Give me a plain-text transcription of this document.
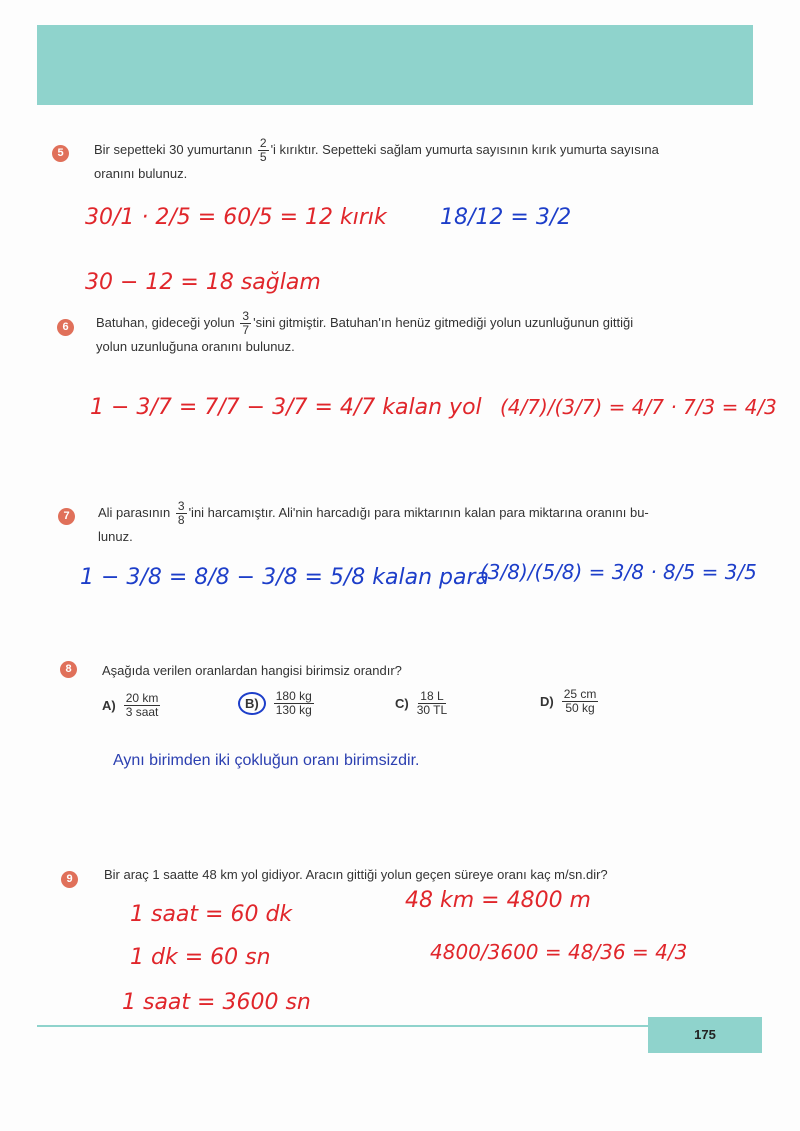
5	Bir sepetteki 30 yumurtanın $\frac{2}{5}$ 'i kırıktır. Sepetteki sağlam yumurta sayısının kırık yumurta sayısına
oranını bulunuz.
30/1 · 2/5 = 60/5 = 12 kırık 18/12 = 3/2
30 − 12 = 18 sağlam
6	Batuhan, gideceği yolun $\frac{3}{7}$ 'sini gitmiştir. Batuhan'ın henüz gitmediği yolun uzunluğunun gittiği
yolun uzunluğuna oranını bulunuz.
1 − 3/7 = 7/7 − 3/7 = 4/7 kalan yol (4/7)/(3/7) = 4/7 · 7/3 = 4/3
7	Ali parasının $\frac{3}{8}$ 'ini harcamıştır. Ali'nin harcadığı para miktarının kalan para miktarına oranını bu-
lunuz.
1 − 3/8 = 8/8 − 3/8 = 5/8 kalan para
(3/8)/(5/8) = 3/8 · 8/5 = 3/5
8	Aşağıda verilen oranlardan hangisi birimsiz orandır?
$A) \frac{20 km}{\text{3 saat}}$	B)	$\frac{180 kg}{130 kg}$	$C) \frac{18 L}{30 TL}$	$D) \frac{25 cm}{50 kg}$
Aynı birimden iki çokluğun oranı birimsizdir.
9	Bir araç 1 saatte 48 km yol gidiyor. Aracın gittiği yolun geçen süreye oranı kaç m/sn.dir?
1 saat = 60 dk
1 dk = 60 sn
1 saat = 3600 sn
48 km = 4800 m
4800/3600 = 48/36 = 4/3
175
